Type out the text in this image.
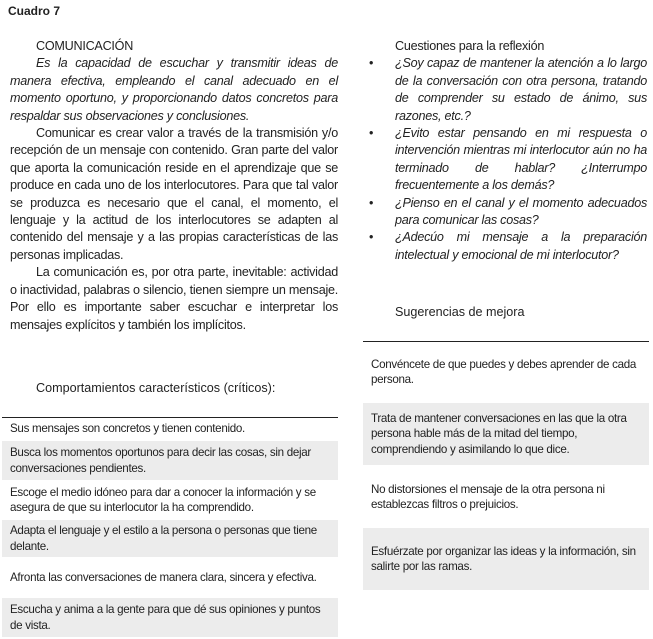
Cuadro 7
COMUNICACIÓN

Es la capacidad de escuchar y transmitir ideas de manera efectiva, empleando el canal adecuado en el momento oportuno, y proporcionando datos concretos para respaldar sus observaciones y conclusiones.

Comunicar es crear valor a través de la transmisión y/o recepción de un mensaje con contenido. Gran parte del valor que aporta la comunicación reside en el aprendizaje que se produce en cada uno de los interlocutores. Para que tal valor se produzca es necesario que el canal, el momento, el lenguaje y la actitud de los interlocutores se adapten al contenido del mensaje y a las propias características de las personas implicadas.

La comunicación es, por otra parte, inevitable: actividad o inactividad, palabras o silencio, tienen siempre un mensaje. Por ello es importante saber escuchar e interpretar los mensajes explícitos y también los implícitos.

Comportamientos característicos (críticos):
Sus mensajes son concretos y tienen contenido.
Busca los momentos oportunos para decir las cosas, sin dejar conversaciones pendientes.
Escoge el medio idóneo para dar a conocer la información y se asegura de que su interlocutor la ha comprendido.
Adapta el lenguaje y el estilo a la persona o personas que tiene delante.
Afronta las conversaciones de manera clara, sincera y efectiva.
Escucha y anima a la gente para que dé sus opiniones y puntos de vista.
Cuestiones para la reflexión
• ¿Soy capaz de mantener la atención a lo largo de la conversación con otra persona, tratando de comprender su estado de ánimo, sus razones, etc.?
• ¿Evito estar pensando en mi respuesta o intervención mientras mi interlocutor aún no ha terminado de hablar? ¿Interrumpo frecuentemente a los demás?
• ¿Pienso en el canal y el momento adecuados para comunicar las cosas?
• ¿Adecúo mi mensaje a la preparación intelectual y emocional de mi interlocutor?
Sugerencias de mejora
Convéncete de que puedes y debes aprender de cada persona.
Trata de mantener conversaciones en las que la otra persona hable más de la mitad del tiempo, comprendiendo y asimilando lo que dice.
No distorsiones el mensaje de la otra persona ni establezcas filtros o prejuicios.
Esfuérzate por organizar las ideas y la información, sin salirte por las ramas.
